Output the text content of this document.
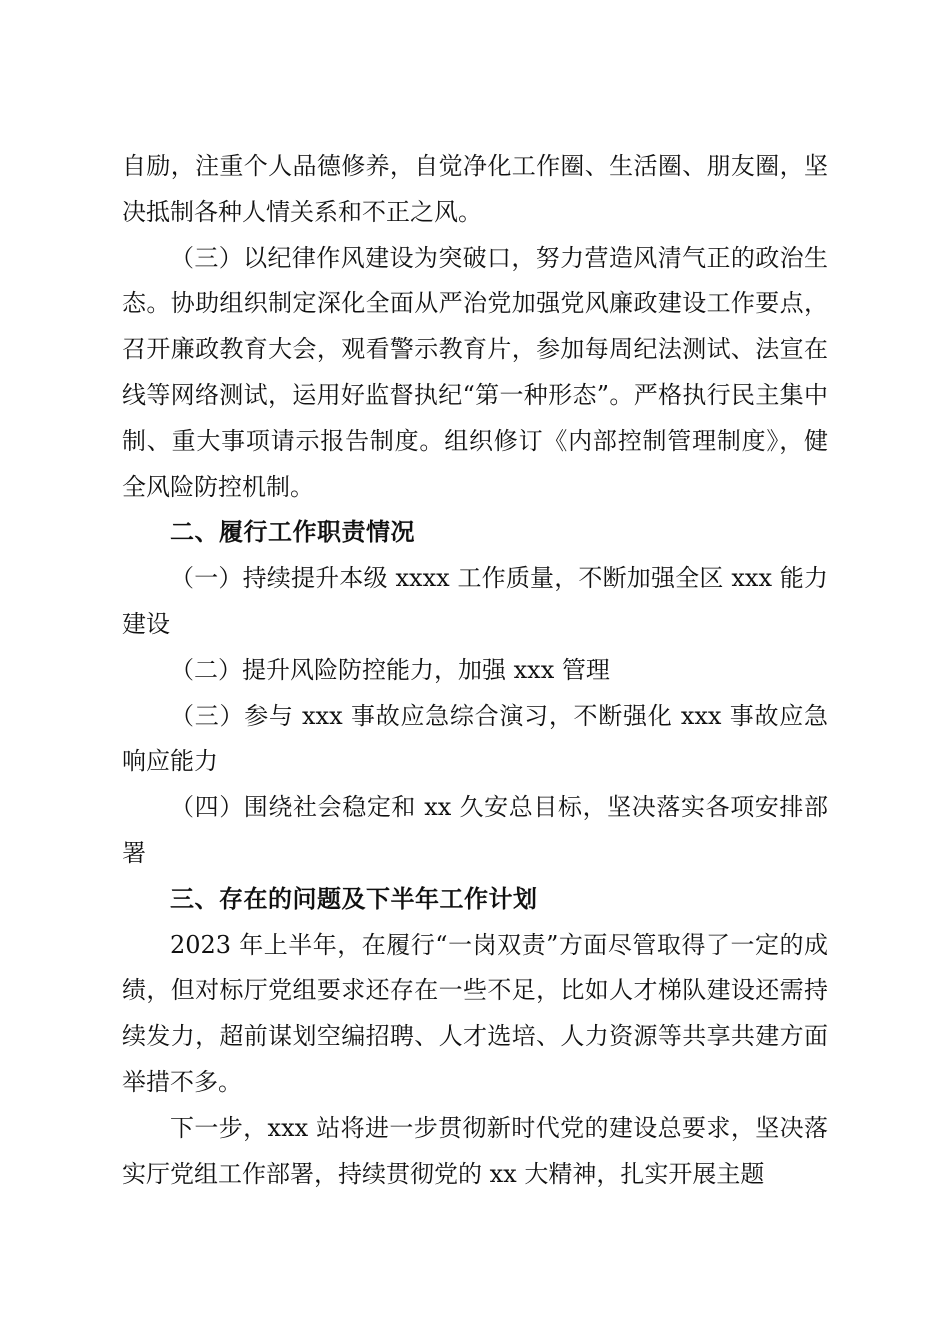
自励，注重个人品德修养，自觉净化工作圈、生活圈、朋友圈，坚决抵制各种人情关系和不正之风。

（三）以纪律作风建设为突破口，努力营造风清气正的政治生态。协助组织制定深化全面从严治党加强党风廉政建设工作要点，召开廉政教育大会，观看警示教育片，参加每周纪法测试、法宣在线等网络测试，运用好监督执纪“第一种形态”。严格执行民主集中制、重大事项请示报告制度。组织修订《内部控制管理制度》，健全风险防控机制。

二、履行工作职责情况

（一）持续提升本级 xxxx 工作质量，不断加强全区 xxx 能力建设

（二）提升风险防控能力，加强 xxx 管理

（三）参与 xxx 事故应急综合演习，不断强化 xxx 事故应急响应能力

（四）围绕社会稳定和 xx 久安总目标，坚决落实各项安排部署

三、存在的问题及下半年工作计划

2023 年上半年，在履行“一岗双责”方面尽管取得了一定的成绩，但对标厅党组要求还存在一些不足，比如人才梯队建设还需持续发力，超前谋划空编招聘、人才选培、人力资源等共享共建方面举措不多。

下一步，xxx 站将进一步贯彻新时代党的建设总要求，坚决落实厅党组工作部署，持续贯彻党的 xx 大精神，扎实开展主题
